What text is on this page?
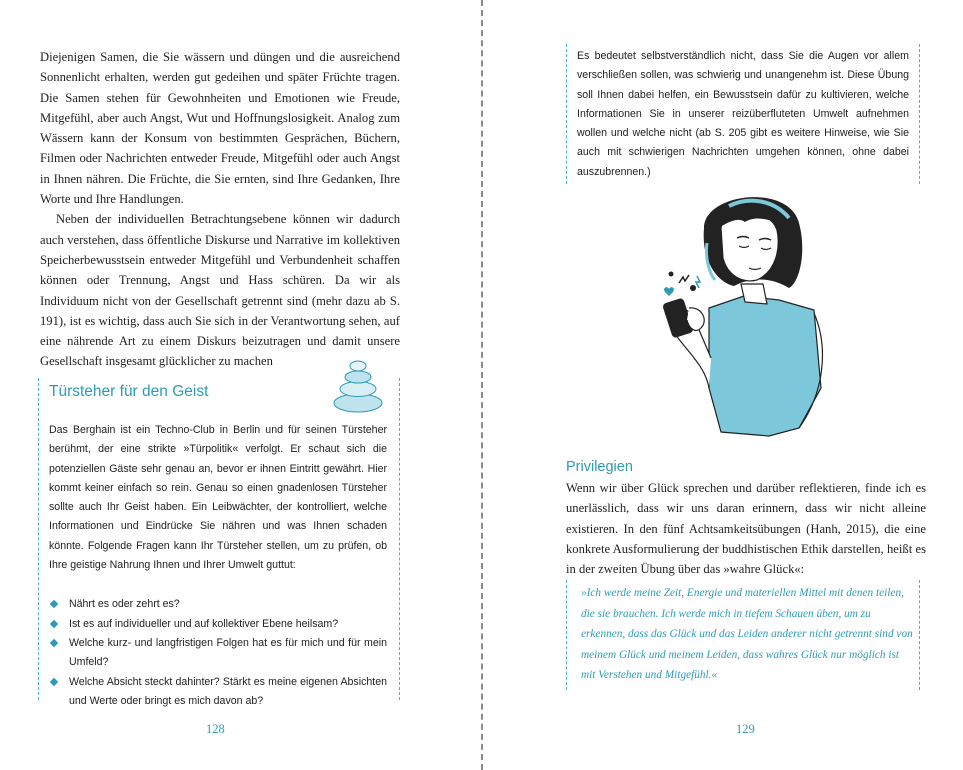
Diejenigen Samen, die Sie wässern und düngen und die ausreichend Sonnenlicht erhalten, werden gut gedeihen und später Früchte tragen. Die Samen stehen für Gewohnheiten und Emotionen wie Freude, Mitgefühl, aber auch Angst, Wut und Hoffnungslosigkeit. Analog zum Wässern kann der Konsum von bestimmten Gesprächen, Büchern, Filmen oder Nachrichten entweder Freude, Mitgefühl oder auch Angst in Ihnen nähren. Die Früchte, die Sie ernten, sind Ihre Gedanken, Ihre Worte und Ihre Handlungen.

Neben der individuellen Betrachtungsebene können wir dadurch auch verstehen, dass öffentliche Diskurse und Narrative im kollektiven Speicherbewusstsein entweder Mitgefühl und Verbundenheit schaffen können oder Trennung, Angst und Hass schüren. Da wir als Individuum nicht von der Gesellschaft getrennt sind (mehr dazu ab S. 191), ist es wichtig, dass auch Sie sich in der Verantwortung sehen, auf eine nährende Art zu einem Diskurs beizutragen und damit unsere Gesellschaft insgesamt glücklicher zu machen

Türsteher für den Geist

Das Berghain ist ein Techno-Club in Berlin und für seinen Türsteher berühmt, der eine strikte »Türpolitik« verfolgt. Er schaut sich die potenziellen Gäste sehr genau an, bevor er ihnen Eintritt gewährt. Hier kommt keiner einfach so rein. Genau so einen gnadenlosen Türsteher sollte auch Ihr Geist haben. Ein Leibwächter, der kontrolliert, welche Informationen und Eindrücke Sie nähren und was Ihnen schaden könnte. Folgende Fragen kann Ihr Türsteher stellen, um zu prüfen, ob Ihre geistige Nahrung Ihnen und Ihrer Umwelt guttut:

Nährt es oder zehrt es?
Ist es auf individueller und auf kollektiver Ebene heilsam?
Welche kurz- und langfristigen Folgen hat es für mich und für mein Umfeld?
Welche Absicht steckt dahinter? Stärkt es meine eigenen Absichten und Werte oder bringt es mich davon ab?
128
Es bedeutet selbstverständlich nicht, dass Sie die Augen vor allem verschließen sollen, was schwierig und unangenehm ist. Diese Übung soll Ihnen dabei helfen, ein Bewusstsein dafür zu kultivieren, welche Informationen Sie in unserer reizüberfluteten Umwelt aufnehmen wollen und welche nicht (ab S. 205 gibt es weitere Hinweise, wie Sie auch mit schwierigen Nachrichten umgehen können, ohne dabei auszubrennen.)
Privilegien

Wenn wir über Glück sprechen und darüber reflektieren, finde ich es unerlässlich, dass wir uns daran erinnern, dass wir nicht alleine existieren. In den fünf Achtsamkeitsübungen (Hanh, 2015), die eine konkrete Ausformulierung der buddhistischen Ethik darstellen, heißt es in der zweiten Übung über das »wahre Glück«:

»Ich werde meine Zeit, Energie und materiellen Mittel mit denen teilen, die sie brauchen. Ich werde mich in tiefem Schauen üben, um zu erkennen, dass das Glück und das Leiden anderer nicht getrennt sind von meinem Glück und meinem Leiden, dass wahres Glück nur möglich ist mit Verstehen und Mitgefühl.«
129
